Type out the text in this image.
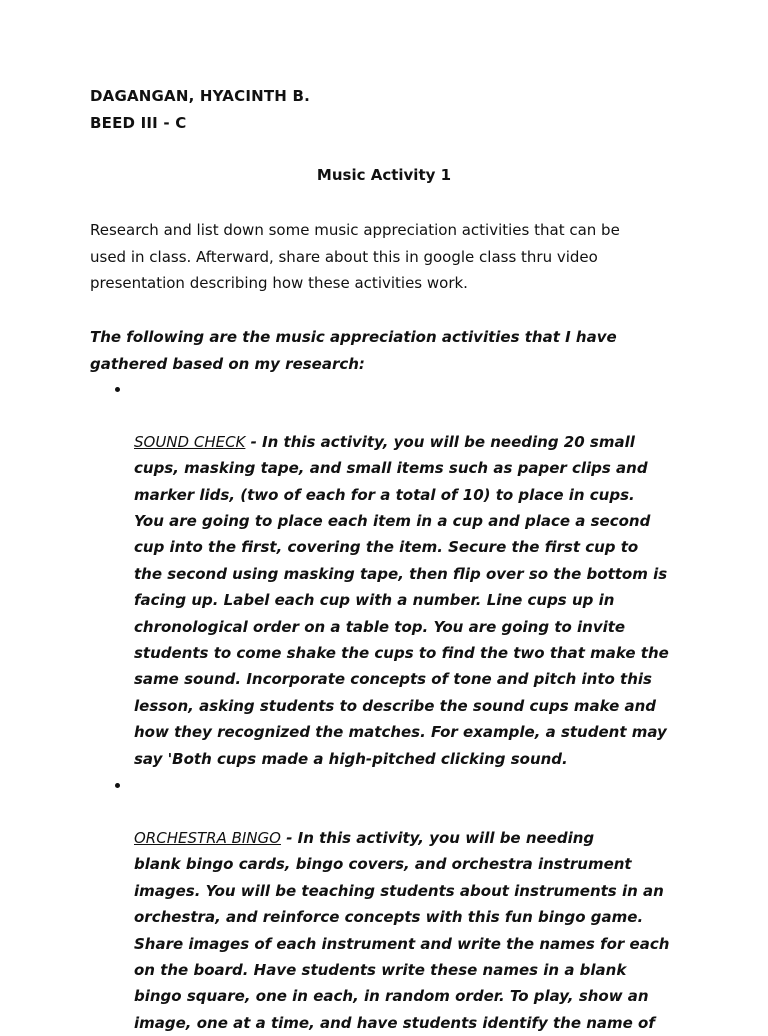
DAGANGAN, HYACINTH B.
BEED III - C
Music Activity 1
Research and list down some music appreciation activities that can be
used in class. Afterward, share about this in google class thru video
presentation describing how these activities work.
The following are the music appreciation activities that I have
gathered based on my research:

SOUND CHECK - In this activity, you will be needing 20 small
cups, masking tape, and small items such as paper clips and
marker lids, (two of each for a total of 10) to place in cups.
You are going to place each item in a cup and place a second
cup into the first, covering the item. Secure the first cup to
the second using masking tape, then flip over so the bottom is
facing up. Label each cup with a number. Line cups up in
chronological order on a table top. You are going to invite
students to come shake the cups to find the two that make the
same sound. Incorporate concepts of tone and pitch into this
lesson, asking students to describe the sound cups make and
how they recognized the matches. For example, a student may
say 'Both cups made a high-pitched clicking sound.

ORCHESTRA BINGO - In this activity, you will be needing
blank bingo cards, bingo covers, and orchestra instrument
images. You will be teaching students about instruments in an
orchestra, and reinforce concepts with this fun bingo game.
Share images of each instrument and write the names for each
on the board. Have students write these names in a blank
bingo square, one in each, in random order. To play, show an
image, one at a time, and have students identify the name of
